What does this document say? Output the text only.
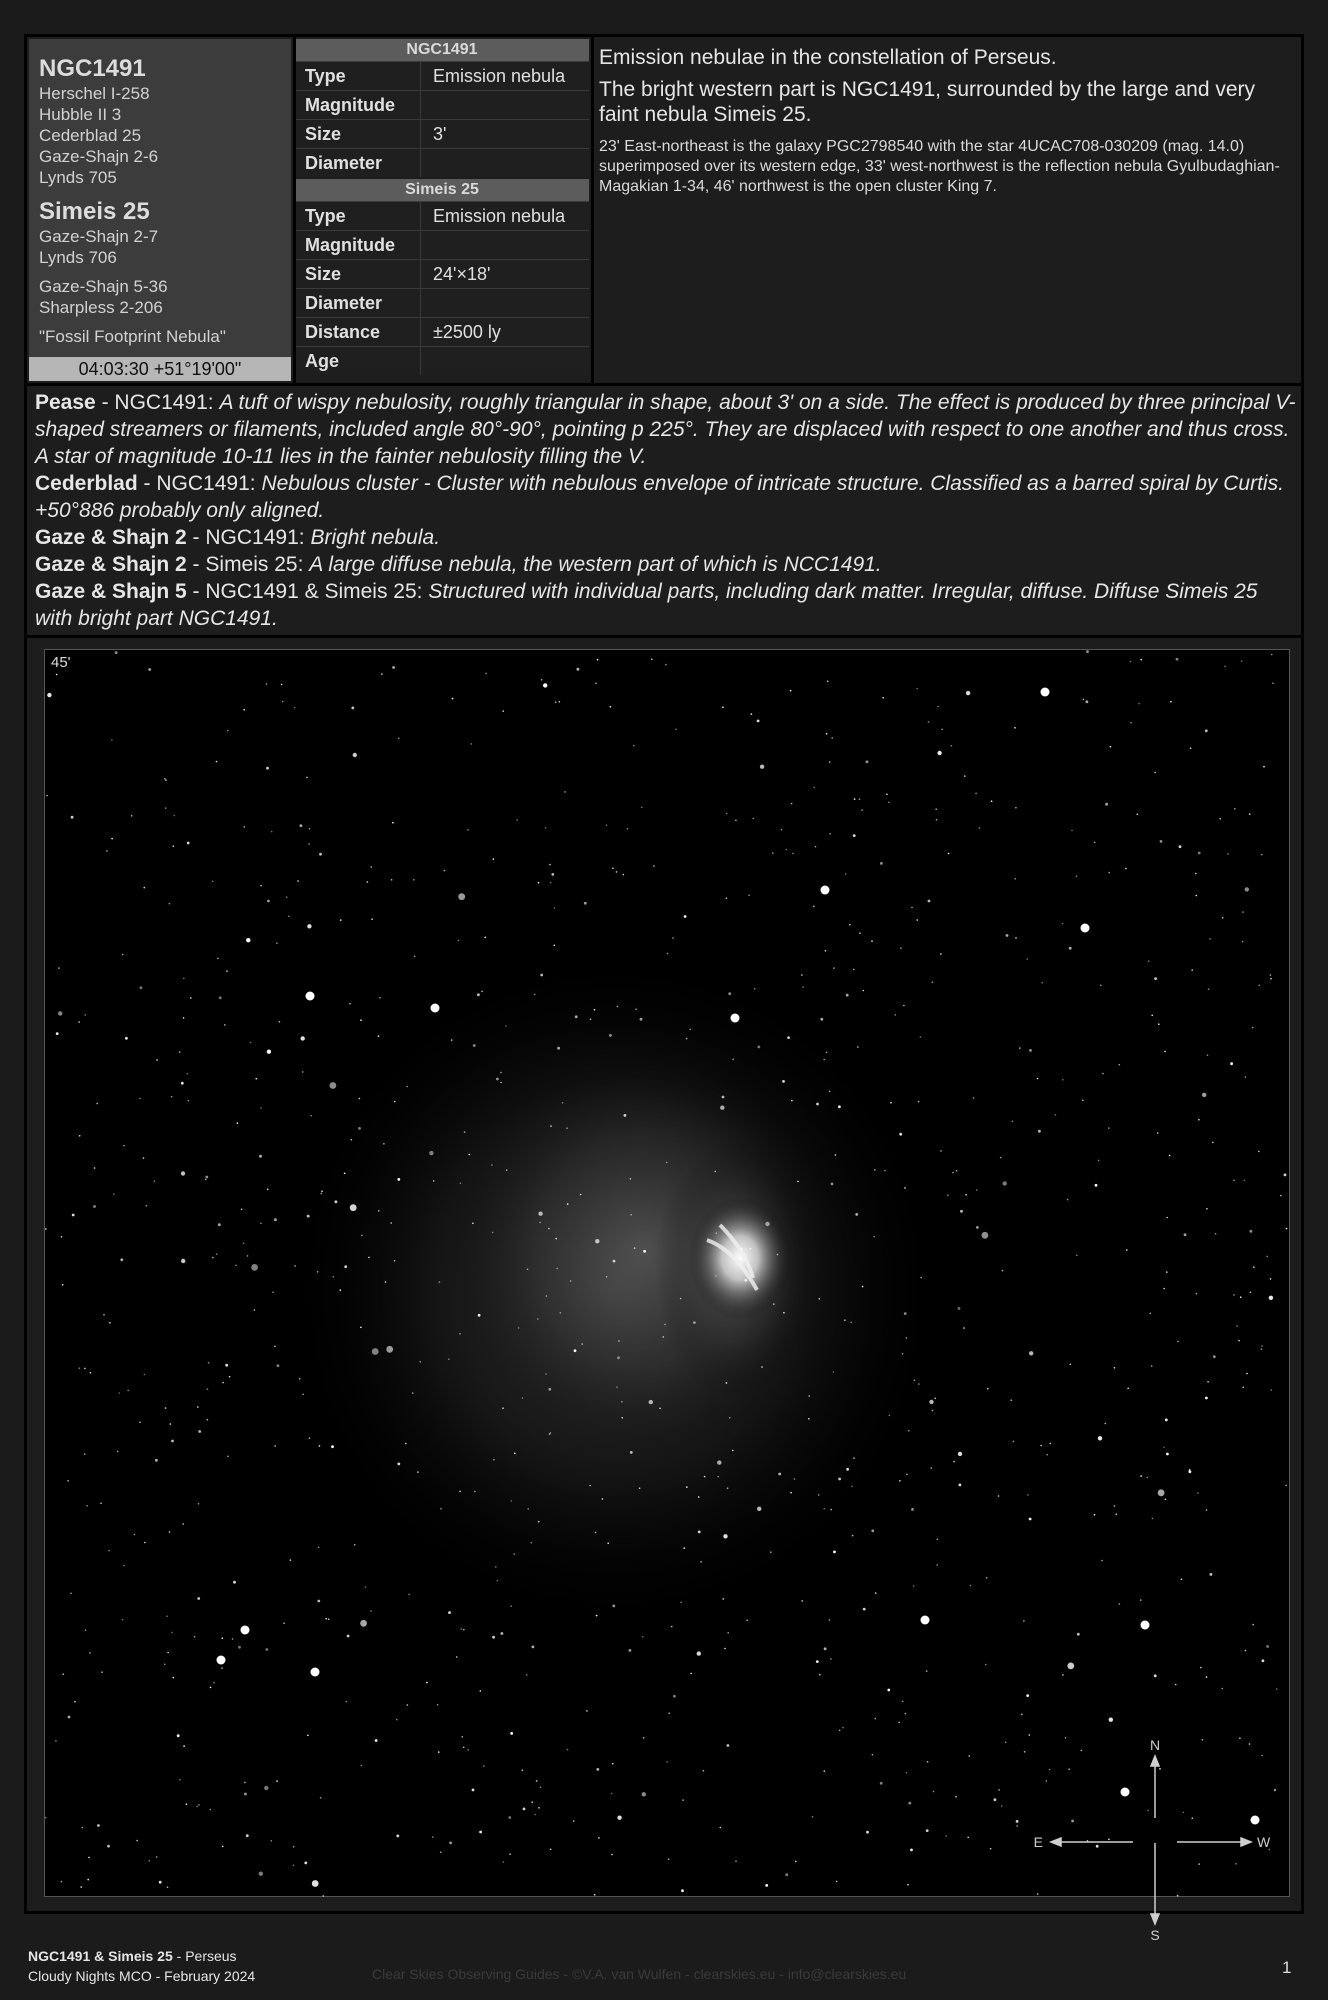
NGC1491
Herschel I-258
Hubble II 3
Cederblad 25
Gaze-Shajn 2-6
Lynds 705
Simeis 25
Gaze-Shajn 2-7
Lynds 706
Gaze-Shajn 5-36
Sharpless 2-206
"Fossil Footprint Nebula"
04:03:30 +51°19'00"
NGC1491
Type	Emission nebula
Magnitude
Size	3'
Diameter
Simeis 25
Type	Emission nebula
Magnitude
Size	24'×18'
Diameter
Distance	±2500 ly
Age

Emission nebulae in the constellation of Perseus.

The bright western part is NGC1491, surrounded by the large and very faint nebula Simeis 25.

23' East-northeast is the galaxy PGC2798540 with the star 4UCAC708-030209 (mag. 14.0) superimposed over its western edge, 33' west-northwest is the reflection nebula Gyulbudaghian-Magakian 1-34, 46' northwest is the open cluster King 7.

Pease - NGC1491: A tuft of wispy nebulosity, roughly triangular in shape, about 3' on a side. The effect is produced by three principal V-shaped streamers or filaments, included angle 80°-90°, pointing p 225°. They are displaced with respect to one another and thus cross. A star of magnitude 10-11 lies in the fainter nebulosity filling the V.

Cederblad - NGC1491: Nebulous cluster - Cluster with nebulous envelope of intricate structure. Classified as a barred spiral by Curtis. +50°886 probably only aligned.

Gaze & Shajn 2 - NGC1491: Bright nebula.

Gaze & Shajn 2 - Simeis 25: A large diffuse nebula, the western part of which is NCC1491.

Gaze & Shajn 5 - NGC1491 & Simeis 25: Structured with individual parts, including dark matter. Irregular, diffuse. Diffuse Simeis 25 with bright part NGC1491.

N
S
E	W
45'
NGC1491 & Simeis 25 - Perseus
Cloudy Nights MCO - February 2024	Clear Skies Observing Guides - ©V.A. van Wulfen - clearskies.eu - info@clearskies.eu	1
